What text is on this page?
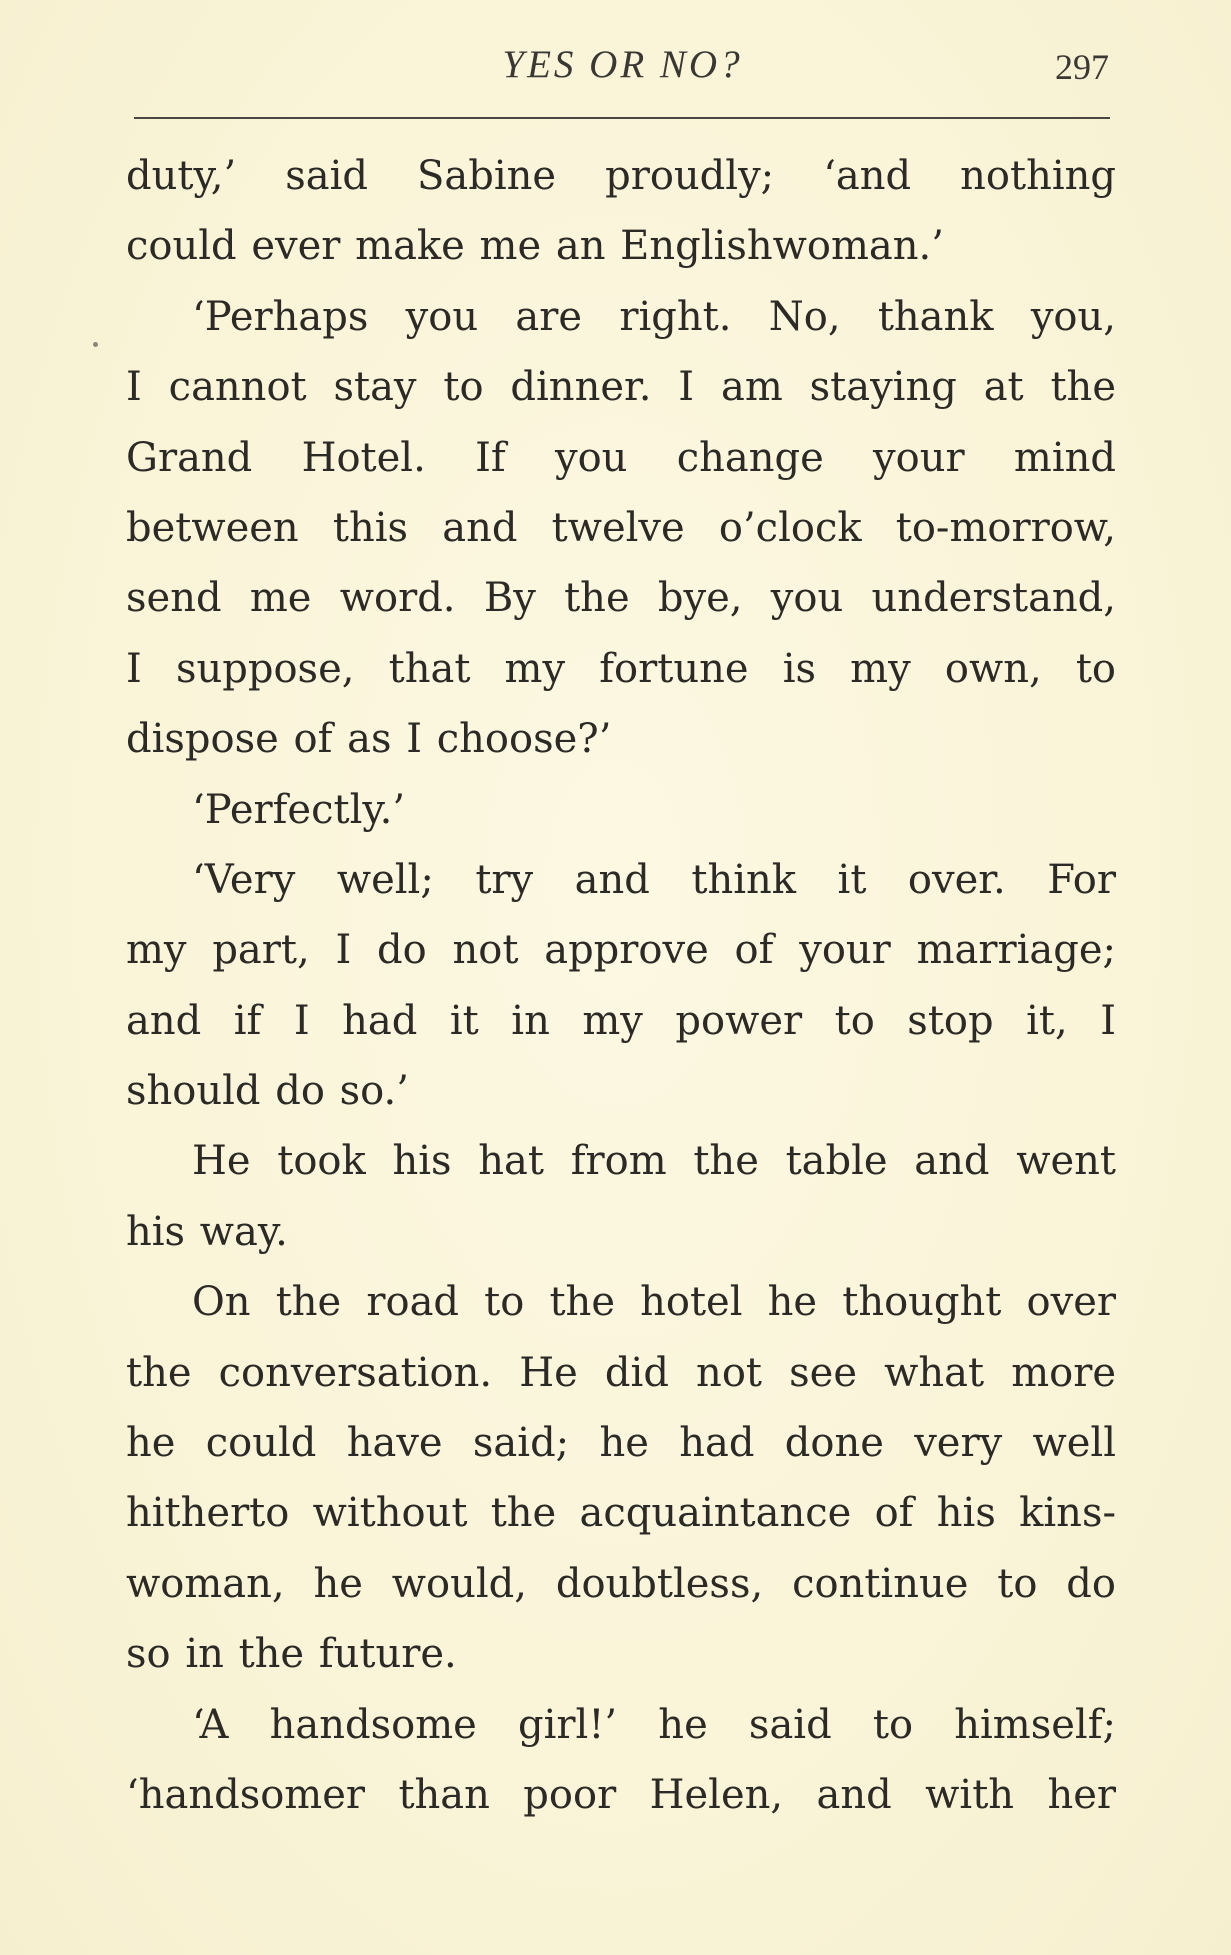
YES OR NO?	297
duty,’ said Sabine proudly; ‘and nothing
could ever make me an Englishwoman.’
‘Perhaps you are right. No, thank you,
I cannot stay to dinner. I am staying at the
Grand Hotel. If you change your mind
between this and twelve o’clock to-morrow,
send me word. By the bye, you understand,
I suppose, that my fortune is my own, to
dispose of as I choose?’
‘Perfectly.’
‘Very well; try and think it over. For
my part, I do not approve of your marriage;
and if I had it in my power to stop it, I
should do so.’
He took his hat from the table and went
his way.
On the road to the hotel he thought over
the conversation. He did not see what more
he could have said; he had done very well
hitherto without the acquaintance of his kins-
woman, he would, doubtless, continue to do
so in the future.
‘A handsome girl!’ he said to himself;
‘handsomer than poor Helen, and with her
